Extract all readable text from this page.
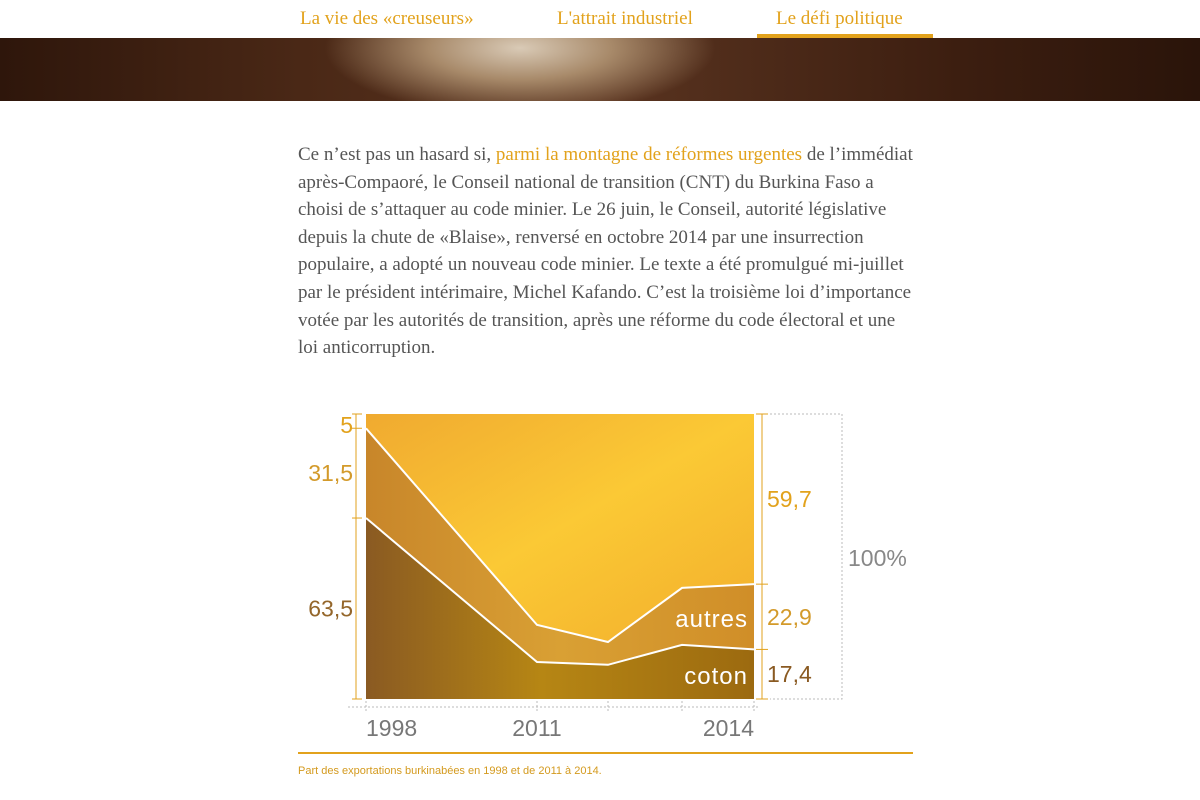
La vie des «creuseurs»	L'attrait industriel	Le défi politique
Ce n’est pas un hasard si, parmi la montagne de réformes urgentes de l’immédiat après-Compaoré, le Conseil national de transition (CNT) du Burkina Faso a choisi de s’attaquer au code minier. Le 26 juin, le Conseil, autorité législative depuis la chute de «Blaise», renversé en octobre 2014 par une insurrection populaire, a adopté un nouveau code minier. Le texte a été promulgué mi-juillet par le président intérimaire, Michel Kafando. C’est la troisième loi d’importance votée par les autorités de transition, après une réforme du code électoral et une loi anticorruption.
5
31,5
63,5
59,7
22,9
17,4
coton
autres
or
100%
1998	2011	2014
Part des exportations burkinabées en 1998 et de 2011 à 2014.
